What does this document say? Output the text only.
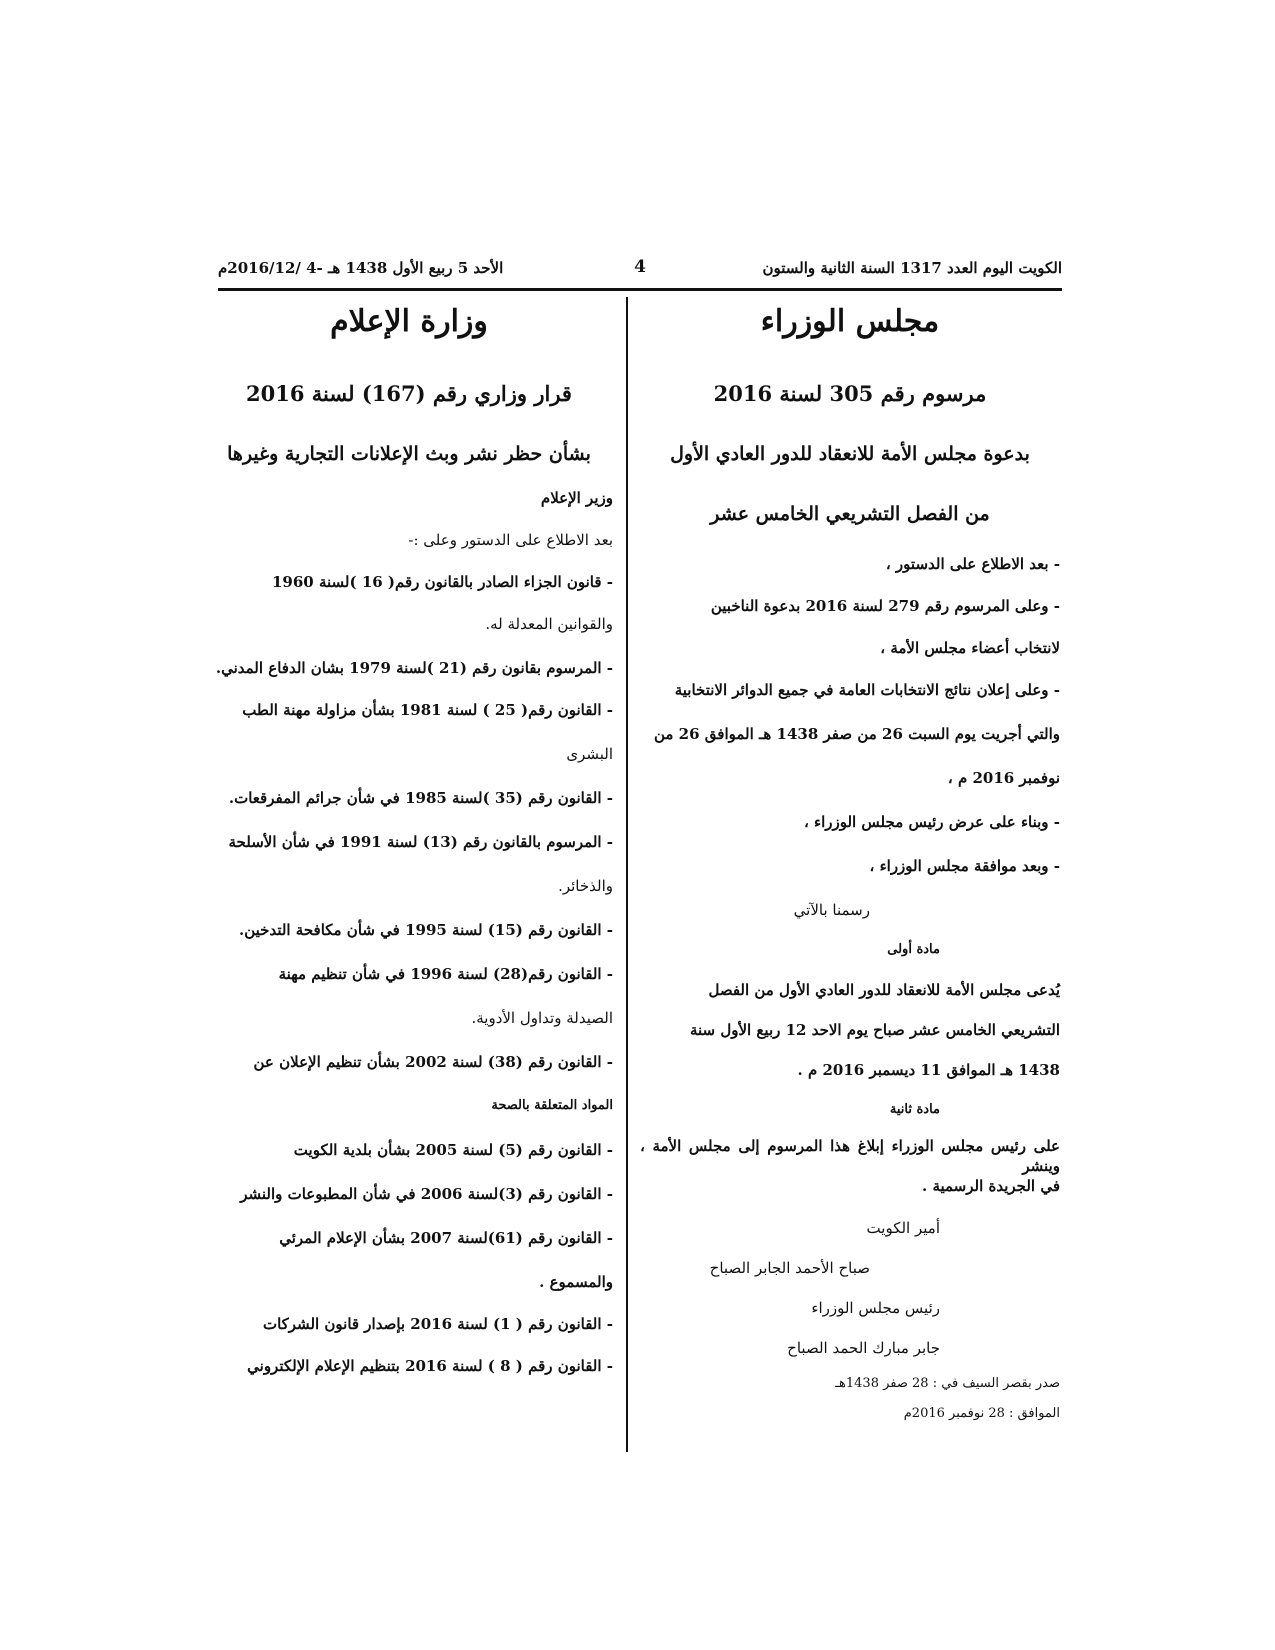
الكويت اليوم العدد 1317 السنة الثانية والستون
4
الأحد 5 ربيع الأول 1438 هـ -4 /2016/12م
مجلس الوزراء
مرسوم رقم 305 لسنة 2016
بدعوة مجلس الأمة للانعقاد للدور العادي الأول
من الفصل التشريعي الخامس عشر
- بعد الاطلاع على الدستور ،
- وعلى المرسوم رقم 279 لسنة 2016 بدعوة الناخبين
لانتخاب أعضاء مجلس الأمة ،
- وعلى إعلان نتائج الانتخابات العامة في جميع الدوائر الانتخابية
والتي أجريت يوم السبت 26 من صفر 1438 هـ الموافق 26 من
نوفمبر 2016 م ،
- وبناء على عرض رئيس مجلس الوزراء ،
- وبعد موافقة مجلس الوزراء ،
رسمنا بالآتي
مادة أولى
يُدعى مجلس الأمة للانعقاد للدور العادي الأول من الفصل
التشريعي الخامس عشر صباح يوم الاحد 12 ربيع الأول سنة
1438 هـ الموافق 11 ديسمبر 2016 م .
مادة ثانية
على رئيس مجلس الوزراء إبلاغ هذا المرسوم إلى مجلس الأمة ، وينشر
في الجريدة الرسمية .
أمير الكويت
صباح الأحمد الجابر الصباح
رئيس مجلس الوزراء
جابر مبارك الحمد الصباح
صدر بقصر السيف في : 28 صفر 1438هـ
الموافق : 28 نوفمبر 2016م
وزارة الإعلام
قرار وزاري رقم (167) لسنة 2016
بشأن حظر نشر وبث الإعلانات التجارية وغيرها
وزير الإعلام
بعد الاطلاع على الدستور وعلى :-
- قانون الجزاء الصادر بالقانون رقم( 16 )لسنة 1960
والقوانين المعدلة له.
- المرسوم بقانون رقم (21 )لسنة 1979 بشان الدفاع المدني.
- القانون رقم( 25 ) لسنة 1981 بشأن مزاولة مهنة الطب
البشرى
- القانون رقم (35 )لسنة 1985 في شأن جرائم المفرقعات.
- المرسوم بالقانون رقم (13) لسنة 1991 في شأن الأسلحة
والذخائر.
- القانون رقم (15) لسنة 1995 في شأن مكافحة التدخين.
- القانون رقم(28) لسنة 1996 في شأن تنظيم مهنة
الصيدلة وتداول الأدوية.
- القانون رقم (38) لسنة 2002 بشأن تنظيم الإعلان عن
المواد المتعلقة بالصحة
- القانون رقم (5) لسنة 2005 بشأن بلدية الكويت
- القانون رقم (3)لسنة 2006 في شأن المطبوعات والنشر
- القانون رقم (61)لسنة 2007 بشأن الإعلام المرئي
والمسموع .
- القانون رقم ( 1) لسنة 2016 بإصدار قانون الشركات
- القانون رقم ( 8 ) لسنة 2016 بتنظيم الإعلام الإلكتروني
